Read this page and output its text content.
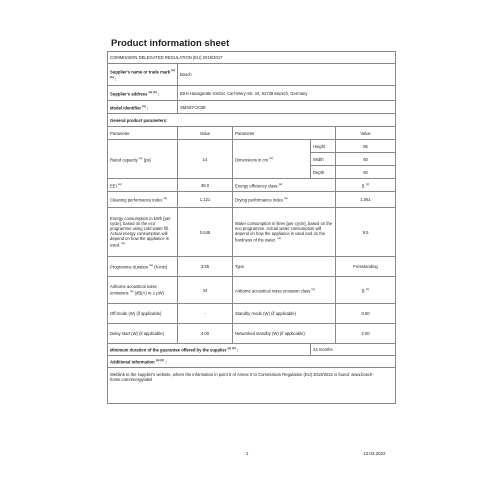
Product information sheet
COMMISSION DELEGATED REGULATION (EU) 2019/2017				
Supplier's name or trade mark $^{(a) (b)}$ :	Bosch			
Supplier's address $^{(a) (b)}$ :	BSH Hausgeräte GmbH, Carl-Wery-Str. 34, 81739 Munich, Germany			
Model identifier $^{(a)}$ :	SMS8YCI03E			
General product parameters:				
Parameter	Value	Parameter		Value
Rated capacity $^{(a)}$ (ps)	14	Dimensions in cm $^{(a)}$	Height	85
			Width	60
			Depth	60
EEI $^{(a)}$	38.0	Energy efficiency class $^{(a)}$		B $^{(c)}$
Cleaning performance index $^{(a)}$	1.121	Drying performance index $^{(a)}$		1.061
Energy consumption in kWh [per cycle], based on the eco programme using cold water fill. Actual energy consumption will depend on how the appliance is used. $^{(a)}$	0.645	Water consumption in litres [per cycle], based on the eco programme. Actual water consumption will depend on how the appliance is used and on the hardness of the water. $^{(a)}$		9.5
Programme duration $^{(a)}$ (h:min)	3:55	Type		Freestanding
Airborne acoustical noise emissions $^{(a)}$ (dB(A) re 1 pW)	43	Airborne acoustical noise emission class $^{(a)}$		B $^{(c)}$
Off-mode (W) (if applicable)	-	Standby mode (W) (if applicable)		0.50
Delay start (W) (if applicable)	4.00	Networked standby (W) (if applicable)		2.00
Minimum duration of the guarantee offered by the supplier $^{(a) (b)}$ :			24 months	
Additional information $^{(a) (b)}$ :				
Weblink to the supplier's website, where the information in point 6 of Annex II to Commission Regulation (EU) 2019/2022 is found: www.bosch-home.com/energylabel				
1	13.03.2022
